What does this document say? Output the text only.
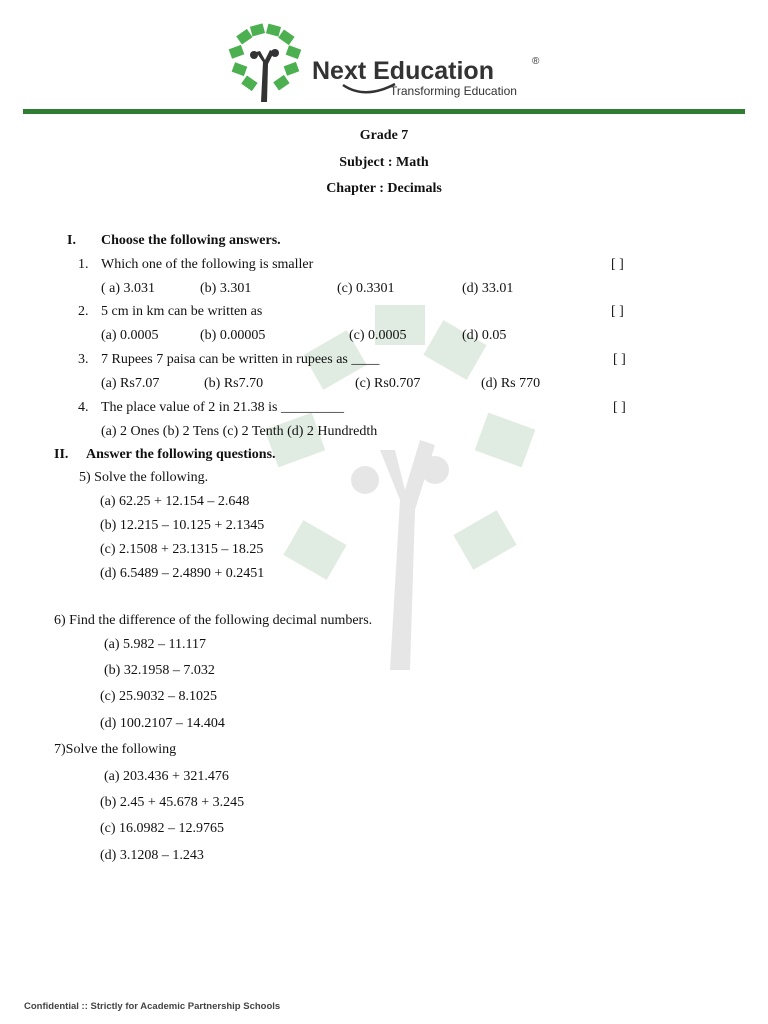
Next Education	®
Transforming Education
Grade 7
Subject : Math
Chapter : Decimals
I. Choose the following answers.
1. Which one of the following is smaller	[ ]
( a) 3.031	(b) 3.301	(c) 0.3301	(d) 33.01
2. 5 cm in km can be written as	[ ]
(a) 0.0005	(b) 0.00005	(c) 0.0005	(d) 0.05
3. 7 Rupees 7 paisa can be written in rupees as ____	[ ]
(a) Rs7.07	(b) Rs7.70	(c) Rs0.707	(d) Rs 770
4. The place value of 2 in 21.38 is _________	[ ]
(a) 2 Ones (b) 2 Tens (c) 2 Tenth (d) 2 Hundredth
II. Answer the following questions.
5) Solve the following.
(a) 62.25 + 12.154 – 2.648
(b) 12.215 – 10.125 + 2.1345
(c) 2.1508 + 23.1315 – 18.25
(d) 6.5489 – 2.4890 + 0.2451
6) Find the difference of the following decimal numbers.
(a) 5.982 – 11.117
(b) 32.1958 – 7.032
(c) 25.9032 – 8.1025
(d) 100.2107 – 14.404
7)Solve the following
(a) 203.436 + 321.476
(b) 2.45 + 45.678 + 3.245
(c) 16.0982 – 12.9765
(d) 3.1208 – 1.243
Confidential :: Strictly for Academic Partnership Schools
